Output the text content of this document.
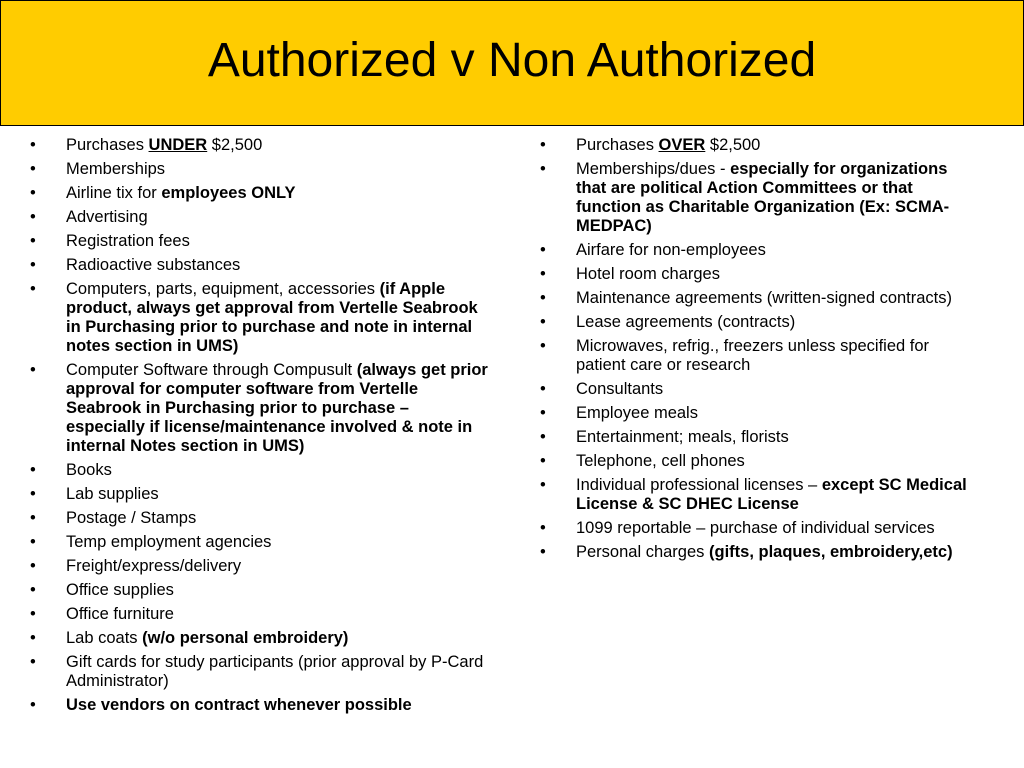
Authorized v Non Authorized
•	Purchases UNDER $2,500
•	Memberships
•	Airline tix for employees ONLY
•	Advertising
•	Registration fees
•	Radioactive substances
•	Computers, parts, equipment, accessories (if Apple product, always get approval from Vertelle Seabrook in Purchasing prior to purchase and note in internal notes section in UMS)
•	Computer Software through Compusult (always get prior approval for computer software from Vertelle Seabrook in Purchasing prior to purchase – especially if license/maintenance involved & note in internal Notes section in UMS)
•	Books
•	Lab supplies
•	Postage / Stamps
•	Temp employment agencies
•	Freight/express/delivery
•	Office supplies
•	Office furniture
•	Lab coats (w/o personal embroidery)
•	Gift cards for study participants (prior approval by P-Card Administrator)
•	Use vendors on contract whenever possible
•	Purchases OVER $2,500
•	Memberships/dues - especially for organizations that are political Action Committees or that function as Charitable Organization (Ex: SCMA-MEDPAC)
•	Airfare for non-employees
•	Hotel room charges
•	Maintenance agreements (written-signed contracts)
•	Lease agreements (contracts)
•	Microwaves, refrig., freezers unless specified for patient care or research
•	Consultants
•	Employee meals
•	Entertainment; meals, florists
•	Telephone, cell phones
•	Individual professional licenses – except SC Medical License & SC DHEC License
•	1099 reportable – purchase of individual services
•	Personal charges (gifts, plaques, embroidery,etc)
